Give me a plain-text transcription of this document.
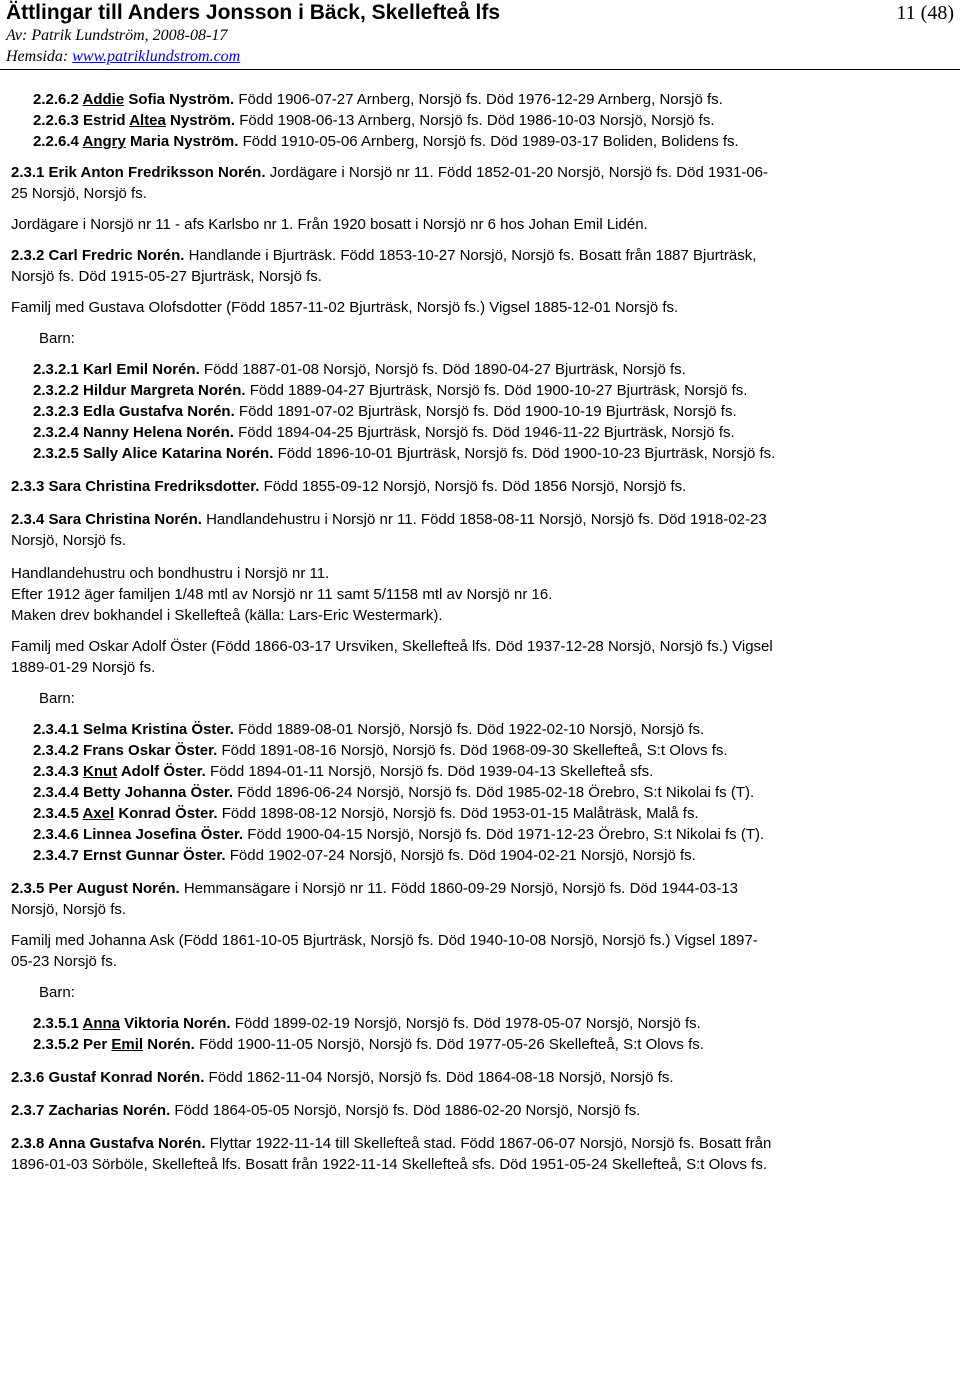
Ättlingar till Anders Jonsson i Bäck, Skellefteå lfs	11 (48)
Av: Patrik Lundström, 2008-08-17
Hemsida: www.patriklundstrom.com
2.2.6.2 Addie Sofia Nyström. Född 1906-07-27 Arnberg, Norsjö fs. Död 1976-12-29 Arnberg, Norsjö fs.
2.2.6.3 Estrid Altea Nyström. Född 1908-06-13 Arnberg, Norsjö fs. Död 1986-10-03 Norsjö, Norsjö fs.
2.2.6.4 Angry Maria Nyström. Född 1910-05-06 Arnberg, Norsjö fs. Död 1989-03-17 Boliden, Bolidens fs.
2.3.1 Erik Anton Fredriksson Norén. Jordägare i Norsjö nr 11. Född 1852-01-20 Norsjö, Norsjö fs. Död 1931-06-
25 Norsjö, Norsjö fs.
Jordägare i Norsjö nr 11 - afs Karlsbo nr 1. Från 1920 bosatt i Norsjö nr 6 hos Johan Emil Lidén.
2.3.2 Carl Fredric Norén. Handlande i Bjurträsk. Född 1853-10-27 Norsjö, Norsjö fs. Bosatt från 1887 Bjurträsk,
Norsjö fs. Död 1915-05-27 Bjurträsk, Norsjö fs.
Familj med Gustava Olofsdotter (Född 1857-11-02 Bjurträsk, Norsjö fs.) Vigsel 1885-12-01 Norsjö fs.
Barn:
2.3.2.1 Karl Emil Norén. Född 1887-01-08 Norsjö, Norsjö fs. Död 1890-04-27 Bjurträsk, Norsjö fs.
2.3.2.2 Hildur Margreta Norén. Född 1889-04-27 Bjurträsk, Norsjö fs. Död 1900-10-27 Bjurträsk, Norsjö fs.
2.3.2.3 Edla Gustafva Norén. Född 1891-07-02 Bjurträsk, Norsjö fs. Död 1900-10-19 Bjurträsk, Norsjö fs.
2.3.2.4 Nanny Helena Norén. Född 1894-04-25 Bjurträsk, Norsjö fs. Död 1946-11-22 Bjurträsk, Norsjö fs.
2.3.2.5 Sally Alice Katarina Norén. Född 1896-10-01 Bjurträsk, Norsjö fs. Död 1900-10-23 Bjurträsk, Norsjö fs.
2.3.3 Sara Christina Fredriksdotter. Född 1855-09-12 Norsjö, Norsjö fs. Död 1856 Norsjö, Norsjö fs.
2.3.4 Sara Christina Norén. Handlandehustru i Norsjö nr 11. Född 1858-08-11 Norsjö, Norsjö fs. Död 1918-02-23
Norsjö, Norsjö fs.
Handlandehustru och bondhustru i Norsjö nr 11.
Efter 1912 äger familjen 1/48 mtl av Norsjö nr 11 samt 5/1158 mtl av Norsjö nr 16.
Maken drev bokhandel i Skellefteå (källa: Lars-Eric Westermark).
Familj med Oskar Adolf Öster (Född 1866-03-17 Ursviken, Skellefteå lfs. Död 1937-12-28 Norsjö, Norsjö fs.) Vigsel
1889-01-29 Norsjö fs.
Barn:
2.3.4.1 Selma Kristina Öster. Född 1889-08-01 Norsjö, Norsjö fs. Död 1922-02-10 Norsjö, Norsjö fs.
2.3.4.2 Frans Oskar Öster. Född 1891-08-16 Norsjö, Norsjö fs. Död 1968-09-30 Skellefteå, S:t Olovs fs.
2.3.4.3 Knut Adolf Öster. Född 1894-01-11 Norsjö, Norsjö fs. Död 1939-04-13 Skellefteå sfs.
2.3.4.4 Betty Johanna Öster. Född 1896-06-24 Norsjö, Norsjö fs. Död 1985-02-18 Örebro, S:t Nikolai fs (T).
2.3.4.5 Axel Konrad Öster. Född 1898-08-12 Norsjö, Norsjö fs. Död 1953-01-15 Malåträsk, Malå fs.
2.3.4.6 Linnea Josefina Öster. Född 1900-04-15 Norsjö, Norsjö fs. Död 1971-12-23 Örebro, S:t Nikolai fs (T).
2.3.4.7 Ernst Gunnar Öster. Född 1902-07-24 Norsjö, Norsjö fs. Död 1904-02-21 Norsjö, Norsjö fs.
2.3.5 Per August Norén. Hemmansägare i Norsjö nr 11. Född 1860-09-29 Norsjö, Norsjö fs. Död 1944-03-13
Norsjö, Norsjö fs.
Familj med Johanna Ask (Född 1861-10-05 Bjurträsk, Norsjö fs. Död 1940-10-08 Norsjö, Norsjö fs.) Vigsel 1897-
05-23 Norsjö fs.
Barn:
2.3.5.1 Anna Viktoria Norén. Född 1899-02-19 Norsjö, Norsjö fs. Död 1978-05-07 Norsjö, Norsjö fs.
2.3.5.2 Per Emil Norén. Född 1900-11-05 Norsjö, Norsjö fs. Död 1977-05-26 Skellefteå, S:t Olovs fs.
2.3.6 Gustaf Konrad Norén. Född 1862-11-04 Norsjö, Norsjö fs. Död 1864-08-18 Norsjö, Norsjö fs.
2.3.7 Zacharias Norén. Född 1864-05-05 Norsjö, Norsjö fs. Död 1886-02-20 Norsjö, Norsjö fs.
2.3.8 Anna Gustafva Norén. Flyttar 1922-11-14 till Skellefteå stad. Född 1867-06-07 Norsjö, Norsjö fs. Bosatt från
1896-01-03 Sörböle, Skellefteå lfs. Bosatt från 1922-11-14 Skellefteå sfs. Död 1951-05-24 Skellefteå, S:t Olovs fs.
